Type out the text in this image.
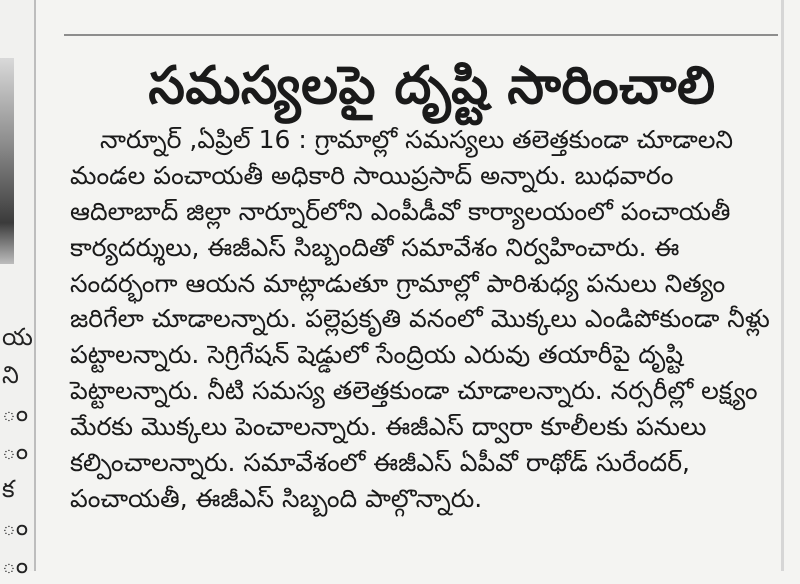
య
ని
ం
ం
క
ం
ం
సమస్యలపై దృష్టి సారించాలి
నార్నూర్ ,ఏప్రిల్ 16 : గ్రామాల్లో సమస్యలు తలెత్తకుండా చూడాలని
మండల పంచాయతీ అధికారి సాయిప్రసాద్ అన్నారు. బుధవారం
ఆదిలాబాద్ జిల్లా నార్నూర్‌లోని ఎంపీడీవో కార్యాలయంలో పంచాయతీ
కార్యదర్శులు, ఈజీఎస్ సిబ్బందితో సమావేశం నిర్వహించారు. ఈ
సందర్భంగా ఆయన మాట్లాడుతూ గ్రామాల్లో పారిశుధ్య పనులు నిత్యం
జరిగేలా చూడాలన్నారు. పల్లెప్రకృతి వనంలో మొక్కలు ఎండిపోకుండా నీళ్లు
పట్టాలన్నారు. సెగ్రిగేషన్ షెడ్డులో సేంద్రియ ఎరువు తయారీపై దృష్టి
పెట్టాలన్నారు. నీటి సమస్య తలెత్తకుండా చూడాలన్నారు. నర్సరీల్లో లక్ష్యం
మేరకు మొక్కలు పెంచాలన్నారు. ఈజీఎస్ ద్వారా కూలీలకు పనులు
కల్పించాలన్నారు. సమావేశంలో ఈజీఎస్ ఏపీవో రాథోడ్ సురేందర్,
పంచాయతీ, ఈజీఎస్ సిబ్బంది పాల్గొన్నారు.
